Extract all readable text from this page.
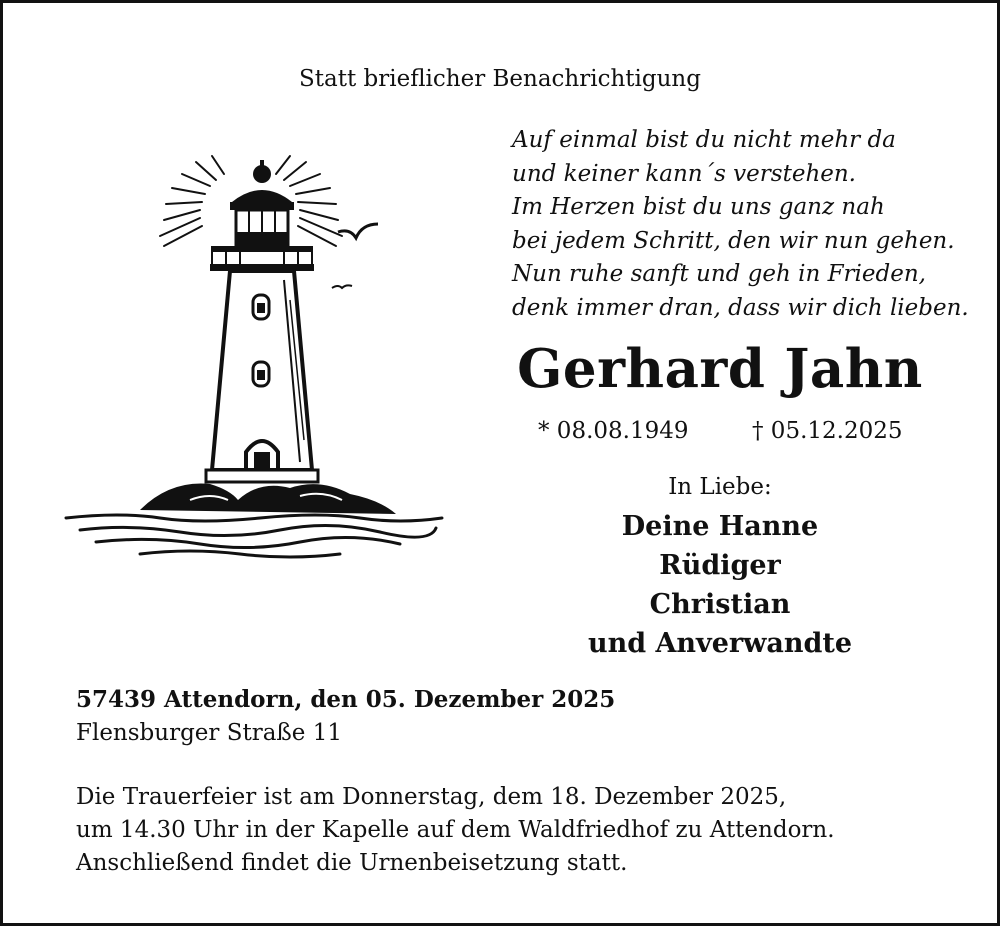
Statt brieflicher Benachrichtigung
Auf einmal bist du nicht mehr da
und keiner kann´s verstehen.
Im Herzen bist du uns ganz nah
bei jedem Schritt, den wir nun gehen.
Nun ruhe sanft und geh in Frieden,
denk immer dran, dass wir dich lieben.
Gerhard Jahn
* 08.08.1949	† 05.12.2025
In Liebe:
Deine Hanne
Rüdiger
Christian
und Anverwandte
57439 Attendorn, den 05. Dezember 2025
Flensburger Straße 11
Die Trauerfeier ist am Donnerstag, dem 18. Dezember 2025,
um 14.30 Uhr in der Kapelle auf dem Waldfriedhof zu Attendorn.
Anschließend findet die Urnenbeisetzung statt.
